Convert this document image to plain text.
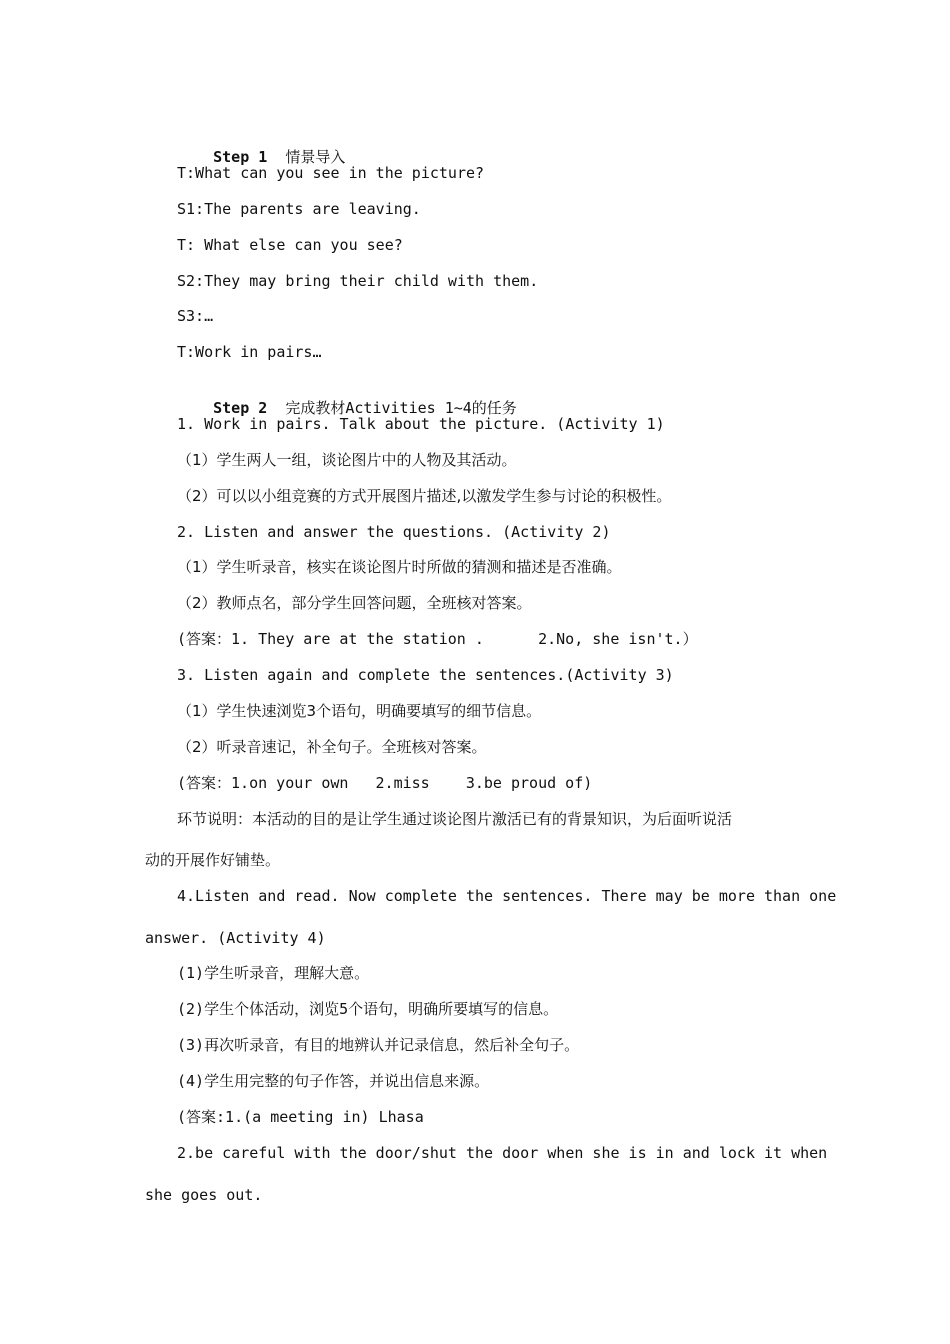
Step 1 情景导入

T:What can you see in the picture?
S1:The parents are leaving.
T: What else can you see?
S2:They may bring their child with them.
S3:…
T:Work in pairs…

Step 2 完成教材Activities 1~4的任务

1. Work in pairs. Talk about the picture. (Activity 1)
（1）学生两人一组，谈论图片中的人物及其活动。
（2）可以以小组竞赛的方式开展图片描述,以激发学生参与讨论的积极性。
2. Listen and answer the questions. (Activity 2)
（1）学生听录音，核实在谈论图片时所做的猜测和描述是否准确。
（2）教师点名，部分学生回答问题，全班核对答案。
(答案：1. They are at the station .      2.No, she isn't.）
3. Listen again and complete the sentences.(Activity 3)
（1）学生快速浏览3个语句，明确要填写的细节信息。
（2）听录音速记，补全句子。全班核对答案。
(答案：1.on your own   2.miss    3.be proud of)
环节说明：本活动的目的是让学生通过谈论图片激活已有的背景知识，为后面听说活
动的开展作好铺垫。
4.Listen and read. Now complete the sentences. There may be more than one
answer. (Activity 4)
(1)学生听录音，理解大意。
(2)学生个体活动，浏览5个语句，明确所要填写的信息。
(3)再次听录音，有目的地辨认并记录信息，然后补全句子。
(4)学生用完整的句子作答，并说出信息来源。
(答案:1.(a meeting in) Lhasa
2.be careful with the door/shut the door when she is in and lock it when
she goes out.
